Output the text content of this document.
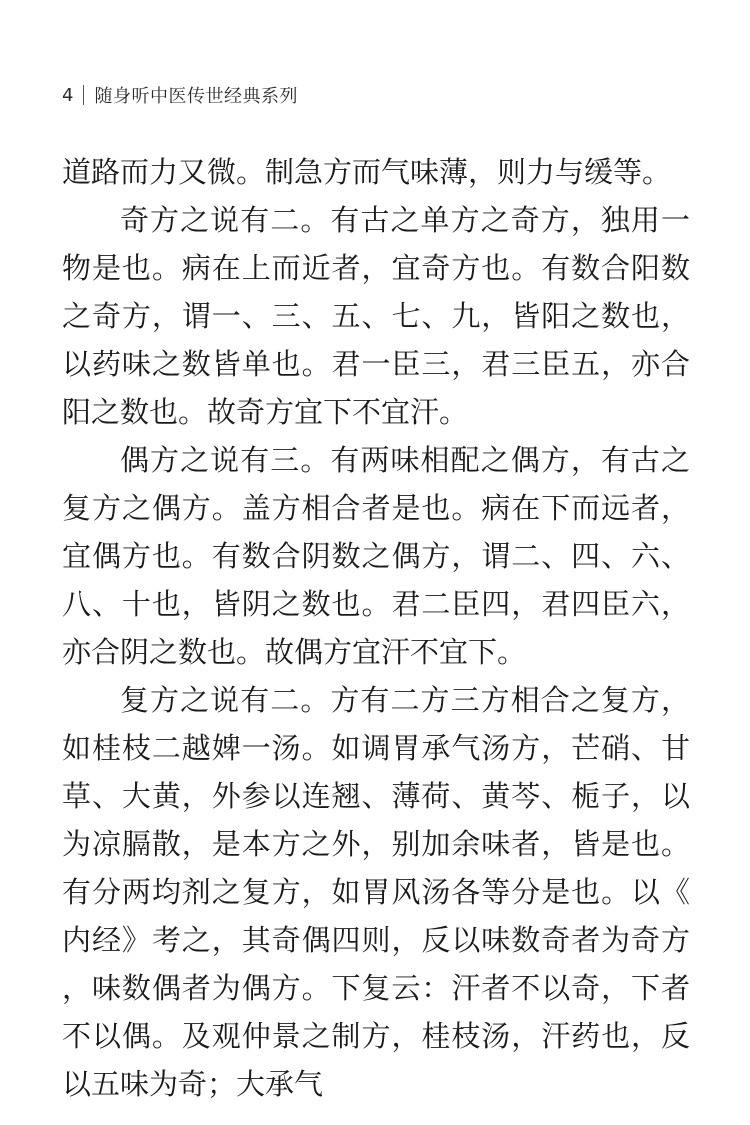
4 随身听中医传世经典系列

道路而力又微。制急方而气味薄，则力与缓等。

奇方之说有二。有古之单方之奇方，独用一物是也。病在上而近者，宜奇方也。有数合阳数之奇方，谓一、三、五、七、九，皆阳之数也，以药味之数皆单也。君一臣三，君三臣五，亦合阳之数也。故奇方宜下不宜汗。

偶方之说有三。有两味相配之偶方，有古之复方之偶方。盖方相合者是也。病在下而远者，宜偶方也。有数合阴数之偶方，谓二、四、六、八、十也，皆阴之数也。君二臣四，君四臣六，亦合阴之数也。故偶方宜汗不宜下。

复方之说有二。方有二方三方相合之复方，如桂枝二越婢一汤。如调胃承气汤方，芒硝、甘草、大黄，外参以连翘、薄荷、黄芩、栀子，以为凉膈散，是本方之外，别加余味者，皆是也。有分两均剂之复方，如胃风汤各等分是也。以《内经》考之，其奇偶四则，反以味数奇者为奇方，味数偶者为偶方。下复云：汗者不以奇，下者不以偶。及观仲景之制方，桂枝汤，汗药也，反以五味为奇；大承气
